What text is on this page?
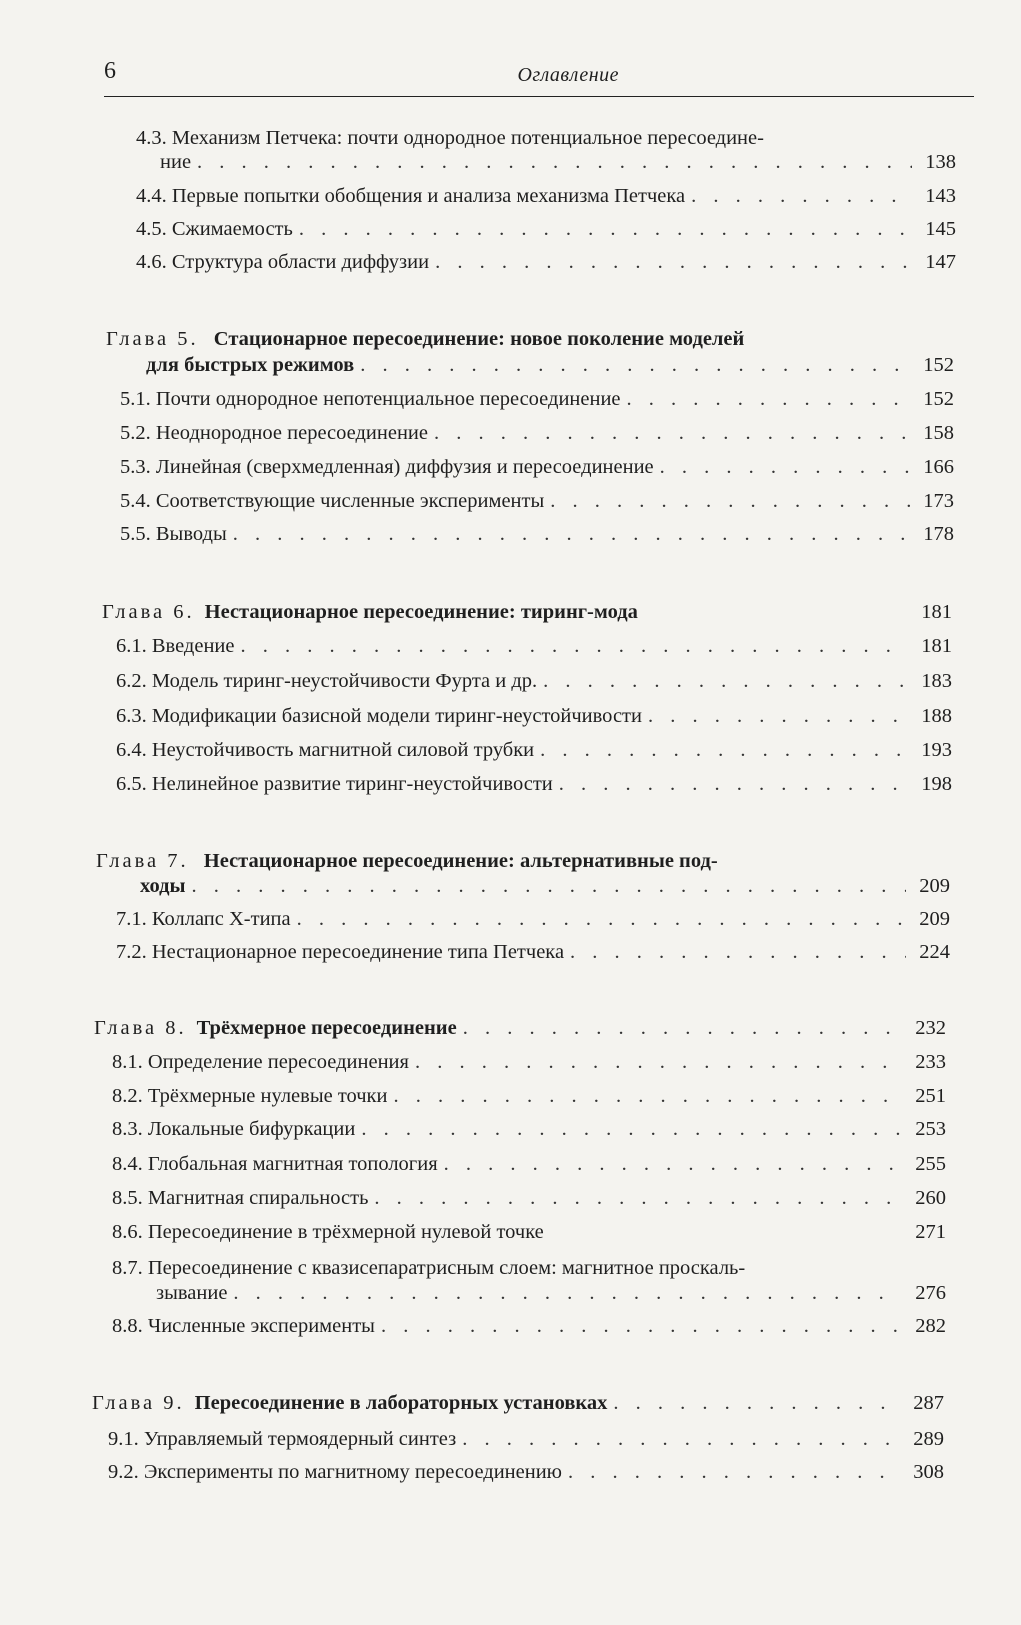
6	Оглавление
4.3. Механизм Петчека: почти однородное потенциальное пересоедине-
ние . . .	138
4.4. Первые попытки обобщения и анализа механизма Петчека . . .	143
4.5. Сжимаемость . . .	145
4.6. Структура области диффузии . . .	147
Глава 5. Стационарное пересоединение: новое поколение моделей
для быстрых режимов . . .	152
5.1. Почти однородное непотенциальное пересоединение . . .	152
5.2. Неоднородное пересоединение . . .	158
5.3. Линейная (сверхмедленная) диффузия и пересоединение . . .	166
5.4. Соответствующие численные эксперименты . . .	173
5.5. Выводы . . .	178
Глава 6. Нестационарное пересоединение: тиринг-мода	181
6.1. Введение . . .	181
6.2. Модель тиринг-неустойчивости Фурта и др. . . .	183
6.3. Модификации базисной модели тиринг-неустойчивости . . .	188
6.4. Неустойчивость магнитной силовой трубки . . .	193
6.5. Нелинейное развитие тиринг-неустойчивости . . .	198
Глава 7. Нестационарное пересоединение: альтернативные под-
ходы . . .	209
7.1. Коллапс X-типа . . .	209
7.2. Нестационарное пересоединение типа Петчека . . .	224
Глава 8. Трёхмерное пересоединение . . .	232
8.1. Определение пересоединения . . .	233
8.2. Трёхмерные нулевые точки . . .	251
8.3. Локальные бифуркации . . .	253
8.4. Глобальная магнитная топология . . .	255
8.5. Магнитная спиральность . . .	260
8.6. Пересоединение в трёхмерной нулевой точке	271
8.7. Пересоединение с квазисепаратрисным слоем: магнитное проскаль-
зывание . . .	276
8.8. Численные эксперименты . . .	282
Глава 9. Пересоединение в лабораторных установках . . .	287
9.1. Управляемый термоядерный синтез . . .	289
9.2. Эксперименты по магнитному пересоединению . . .	308
